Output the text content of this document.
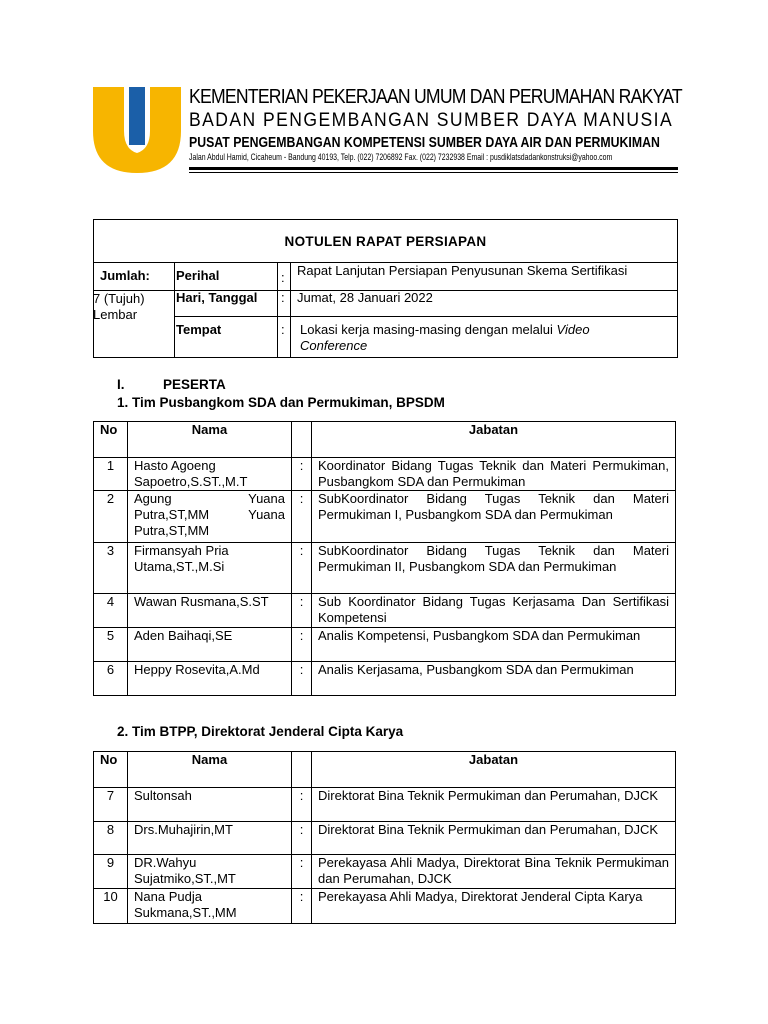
KEMENTERIAN PEKERJAAN UMUM DAN PERUMAHAN RAKYAT
BADAN PENGEMBANGAN SUMBER DAYA MANUSIA
PUSAT PENGEMBANGAN KOMPETENSI SUMBER DAYA AIR DAN PERMUKIMAN
Jalan Abdul Hamid, Cicaheum - Bandung 40193, Telp. (022) 7206892 Fax. (022) 7232938 Email : pusdiklatsdadankonstruksi@yahoo.com
NOTULEN RAPAT PERSIAPAN
Jumlah:
7 (Tujuh) Lembar
Perihal	: Rapat Lanjutan Persiapan Penyusunan Skema Sertifikasi
Hari, Tanggal : Jumat, 28 Januari 2022
Tempat	: Lokasi kerja masing-masing dengan melalui Video Conference
I.	PESERTA
1. Tim Pusbangkom SDA dan Permukiman, BPSDM
No	Nama		Jabatan
1	Hasto Agoeng Sapoetro,S.ST.,M.T	:	Koordinator Bidang Tugas Teknik dan Materi Permukiman, Pusbangkom SDA dan Permukiman
2	Agung Yuana Putra,ST,MM Yuana Putra,ST,MM	:	SubKoordinator Bidang Tugas Teknik dan Materi Permukiman I, Pusbangkom SDA dan Permukiman
3	Firmansyah Pria Utama,ST.,M.Si	:	SubKoordinator Bidang Tugas Teknik dan Materi Permukiman II, Pusbangkom SDA dan Permukiman
4	Wawan Rusmana,S.ST	:	Sub Koordinator Bidang Tugas Kerjasama Dan Sertifikasi Kompetensi
5	Aden Baihaqi,SE	:	Analis Kompetensi, Pusbangkom SDA dan Permukiman
6	Heppy Rosevita,A.Md	:	Analis Kerjasama, Pusbangkom SDA dan Permukiman
2. Tim BTPP, Direktorat Jenderal Cipta Karya
No	Nama		Jabatan
7	Sultonsah	:	Direktorat Bina Teknik Permukiman dan Perumahan, DJCK
8	Drs.Muhajirin,MT	:	Direktorat Bina Teknik Permukiman dan Perumahan, DJCK
9	DR.Wahyu Sujatmiko,ST.,MT	:	Perekayasa Ahli Madya, Direktorat Bina Teknik Permukiman dan Perumahan, DJCK
10	Nana Pudja Sukmana,ST.,MM	:	Perekayasa Ahli Madya, Direktorat Jenderal Cipta Karya
